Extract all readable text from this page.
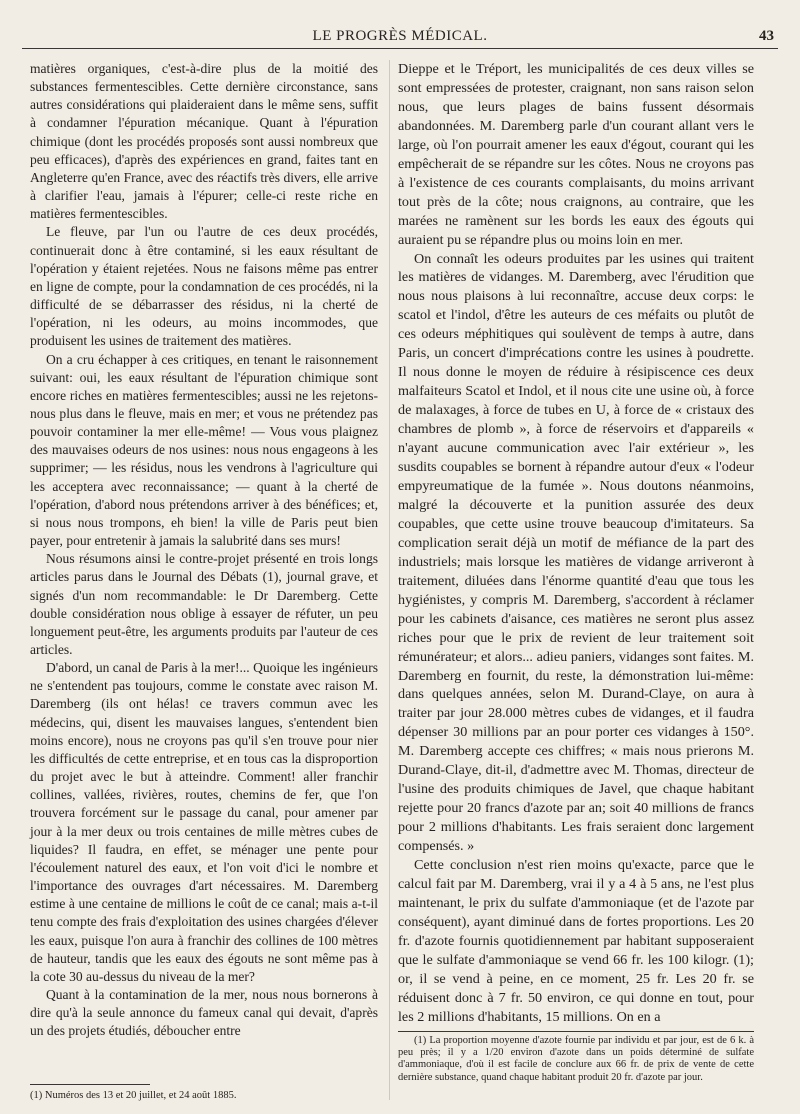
LE PROGRÈS MÉDICAL.	43

matières organiques, c'est-à-dire plus de la moitié des substances fermentescibles. Cette dernière circonstance, sans autres considérations qui plaideraient dans le même sens, suffit à condamner l'épuration mécanique. Quant à l'épuration chimique (dont les procédés proposés sont aussi nombreux que peu efficaces), d'après des expériences en grand, faites tant en Angleterre qu'en France, avec des réactifs très divers, elle arrive à clarifier l'eau, jamais à l'épurer; celle-ci reste riche en matières fermentescibles.

Le fleuve, par l'un ou l'autre de ces deux procédés, continuerait donc à être contaminé, si les eaux résultant de l'opération y étaient rejetées. Nous ne faisons même pas entrer en ligne de compte, pour la condamnation de ces procédés, ni la difficulté de se débarrasser des résidus, ni la cherté de l'opération, ni les odeurs, au moins incommodes, que produisent les usines de traitement des matières.

On a cru échapper à ces critiques, en tenant le raisonnement suivant: oui, les eaux résultant de l'épuration chimique sont encore riches en matières fermentescibles; aussi ne les rejetons-nous plus dans le fleuve, mais en mer; et vous ne prétendez pas pouvoir contaminer la mer elle-même! — Vous vous plaignez des mauvaises odeurs de nos usines: nous nous engageons à les supprimer; — les résidus, nous les vendrons à l'agriculture qui les acceptera avec reconnaissance; — quant à la cherté de l'opération, d'abord nous prétendons arriver à des bénéfices; et, si nous nous trompons, eh bien! la ville de Paris peut bien payer, pour entretenir à jamais la salubrité dans ses murs!

Nous résumons ainsi le contre-projet présenté en trois longs articles parus dans le Journal des Débats (1), journal grave, et signés d'un nom recommandable: le Dr Daremberg. Cette double considération nous oblige à essayer de réfuter, un peu longuement peut-être, les arguments produits par l'auteur de ces articles.

D'abord, un canal de Paris à la mer!... Quoique les ingénieurs ne s'entendent pas toujours, comme le constate avec raison M. Daremberg (ils ont hélas! ce travers commun avec les médecins, qui, disent les mauvaises langues, s'entendent bien moins encore), nous ne croyons pas qu'il s'en trouve pour nier les difficultés de cette entreprise, et en tous cas la disproportion du projet avec le but à atteindre. Comment! aller franchir collines, vallées, rivières, routes, chemins de fer, que l'on trouvera forcément sur le passage du canal, pour amener par jour à la mer deux ou trois centaines de mille mètres cubes de liquides? Il faudra, en effet, se ménager une pente pour l'écoulement naturel des eaux, et l'on voit d'ici le nombre et l'importance des ouvrages d'art nécessaires. M. Daremberg estime à une centaine de millions le coût de ce canal; mais a-t-il tenu compte des frais d'exploitation des usines chargées d'élever les eaux, puisque l'on aura à franchir des collines de 100 mètres de hauteur, tandis que les eaux des égouts ne sont même pas à la cote 30 au-dessus du niveau de la mer?

Quant à la contamination de la mer, nous nous bornerons à dire qu'à la seule annonce du fameux canal qui devait, d'après un des projets étudiés, déboucher entre

(1) Numéros des 13 et 20 juillet, et 24 août 1885.

Dieppe et le Tréport, les municipalités de ces deux villes se sont empressées de protester, craignant, non sans raison selon nous, que leurs plages de bains fussent désormais abandonnées. M. Daremberg parle d'un courant allant vers le large, où l'on pourrait amener les eaux d'égout, courant qui les empêcherait de se répandre sur les côtes. Nous ne croyons pas à l'existence de ces courants complaisants, du moins arrivant tout près de la côte; nous craignons, au contraire, que les marées ne ramènent sur les bords les eaux des égouts qui auraient pu se répandre plus ou moins loin en mer.

On connaît les odeurs produites par les usines qui traitent les matières de vidanges. M. Daremberg, avec l'érudition que nous nous plaisons à lui reconnaître, accuse deux corps: le scatol et l'indol, d'être les auteurs de ces méfaits ou plutôt de ces odeurs méphitiques qui soulèvent de temps à autre, dans Paris, un concert d'imprécations contre les usines à poudrette. Il nous donne le moyen de réduire à résipiscence ces deux malfaiteurs Scatol et Indol, et il nous cite une usine où, à force de malaxages, à force de tubes en U, à force de « cristaux des chambres de plomb », à force de réservoirs et d'appareils « n'ayant aucune communication avec l'air extérieur », les susdits coupables se bornent à répandre autour d'eux « l'odeur empyreumatique de la fumée ». Nous doutons néanmoins, malgré la découverte et la punition assurée des deux coupables, que cette usine trouve beaucoup d'imitateurs. Sa complication serait déjà un motif de méfiance de la part des industriels; mais lorsque les matières de vidange arriveront à traitement, diluées dans l'énorme quantité d'eau que tous les hygiénistes, y compris M. Daremberg, s'accordent à réclamer pour les cabinets d'aisance, ces matières ne seront plus assez riches pour que le prix de revient de leur traitement soit rémunérateur; et alors... adieu paniers, vidanges sont faites. M. Daremberg en fournit, du reste, la démonstration lui-même: dans quelques années, selon M. Durand-Claye, on aura à traiter par jour 28.000 mètres cubes de vidanges, et il faudra dépenser 30 millions par an pour porter ces vidanges à 150°. M. Daremberg accepte ces chiffres; « mais nous prierons M. Durand-Claye, dit-il, d'admettre avec M. Thomas, directeur de l'usine des produits chimiques de Javel, que chaque habitant rejette pour 20 francs d'azote par an; soit 40 millions de francs pour 2 millions d'habitants. Les frais seraient donc largement compensés. »

Cette conclusion n'est rien moins qu'exacte, parce que le calcul fait par M. Daremberg, vrai il y a 4 à 5 ans, ne l'est plus maintenant, le prix du sulfate d'ammoniaque (et de l'azote par conséquent), ayant diminué dans de fortes proportions. Les 20 fr. d'azote fournis quotidiennement par habitant supposeraient que le sulfate d'ammoniaque se vend 66 fr. les 100 kilogr. (1); or, il se vend à peine, en ce moment, 25 fr. Les 20 fr. se réduisent donc à 7 fr. 50 environ, ce qui donne en tout, pour les 2 millions d'habitants, 15 millions. On en a

(1) La proportion moyenne d'azote fournie par individu et par jour, est de 6 k. à peu près; il y a 1/20 environ d'azote dans un poids déterminé de sulfate d'ammoniaque, d'où il est facile de conclure aux 66 fr. de prix de vente de cette dernière substance, quand chaque habitant produit 20 fr. d'azote par jour.
